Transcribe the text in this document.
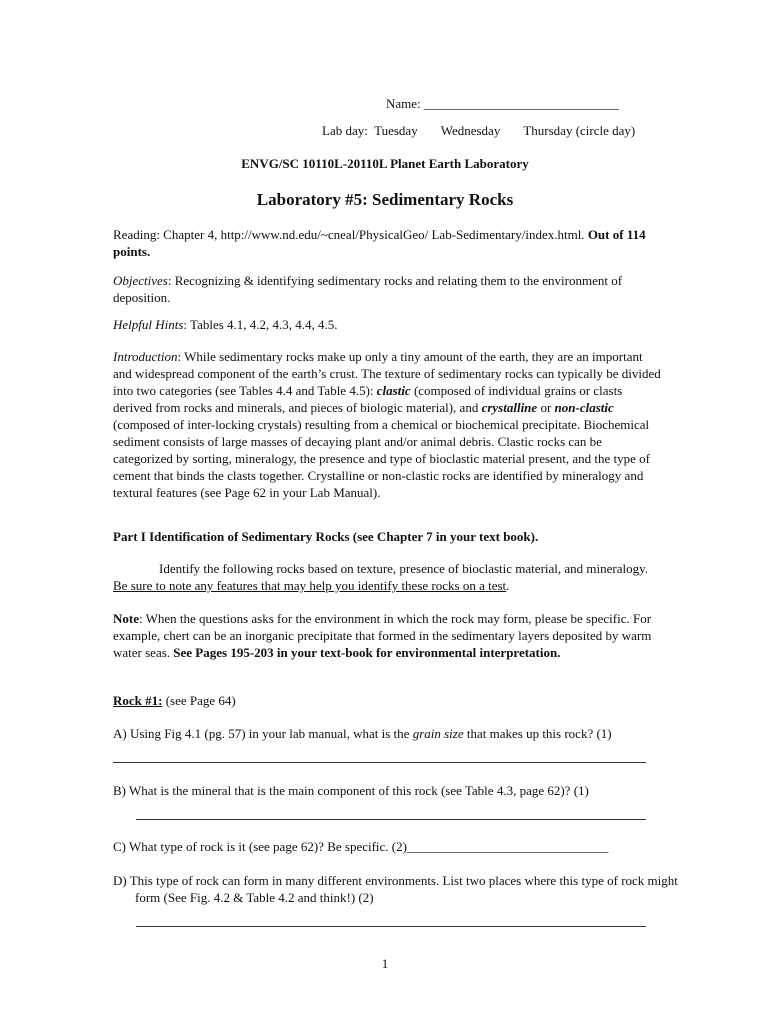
Name: ______________________________
Lab day: Tuesday Wednesday Thursday (circle day)
ENVG/SC 10110L-20110L Planet Earth Laboratory
Laboratory #5: Sedimentary Rocks

Reading: Chapter 4, http://www.nd.edu/~cneal/PhysicalGeo/ Lab-Sedimentary/index.html. Out of 114 points.

Objectives: Recognizing & identifying sedimentary rocks and relating them to the environment of deposition.

Helpful Hints: Tables 4.1, 4.2, 4.3, 4.4, 4.5.

Introduction: While sedimentary rocks make up only a tiny amount of the earth, they are an important and widespread component of the earth’s crust. The texture of sedimentary rocks can typically be divided into two categories (see Tables 4.4 and Table 4.5): clastic (composed of individual grains or clasts derived from rocks and minerals, and pieces of biologic material), and crystalline or non-clastic (composed of inter-locking crystals) resulting from a chemical or biochemical precipitate. Biochemical sediment consists of large masses of decaying plant and/or animal debris. Clastic rocks can be categorized by sorting, mineralogy, the presence and type of bioclastic material present, and the type of cement that binds the clasts together. Crystalline or non-clastic rocks are identified by mineralogy and textural features (see Page 62 in your Lab Manual).

Part I Identification of Sedimentary Rocks (see Chapter 7 in your text book).

Identify the following rocks based on texture, presence of bioclastic material, and mineralogy. Be sure to note any features that may help you identify these rocks on a test.

Note: When the questions asks for the environment in which the rock may form, please be specific. For example, chert can be an inorganic precipitate that formed in the sedimentary layers deposited by warm water seas. See Pages 195-203 in your text-book for environmental interpretation.

Rock #1: (see Page 64)

A) Using Fig 4.1 (pg. 57) in your lab manual, what is the grain size that makes up this rock? (1)

B) What is the mineral that is the main component of this rock (see Table 4.3, page 62)? (1)

C) What type of rock is it (see page 62)? Be specific. (2)_______________________________

D) This type of rock can form in many different environments. List two places where this type of rock might form (See Fig. 4.2 & Table 4.2 and think!) (2)

1
